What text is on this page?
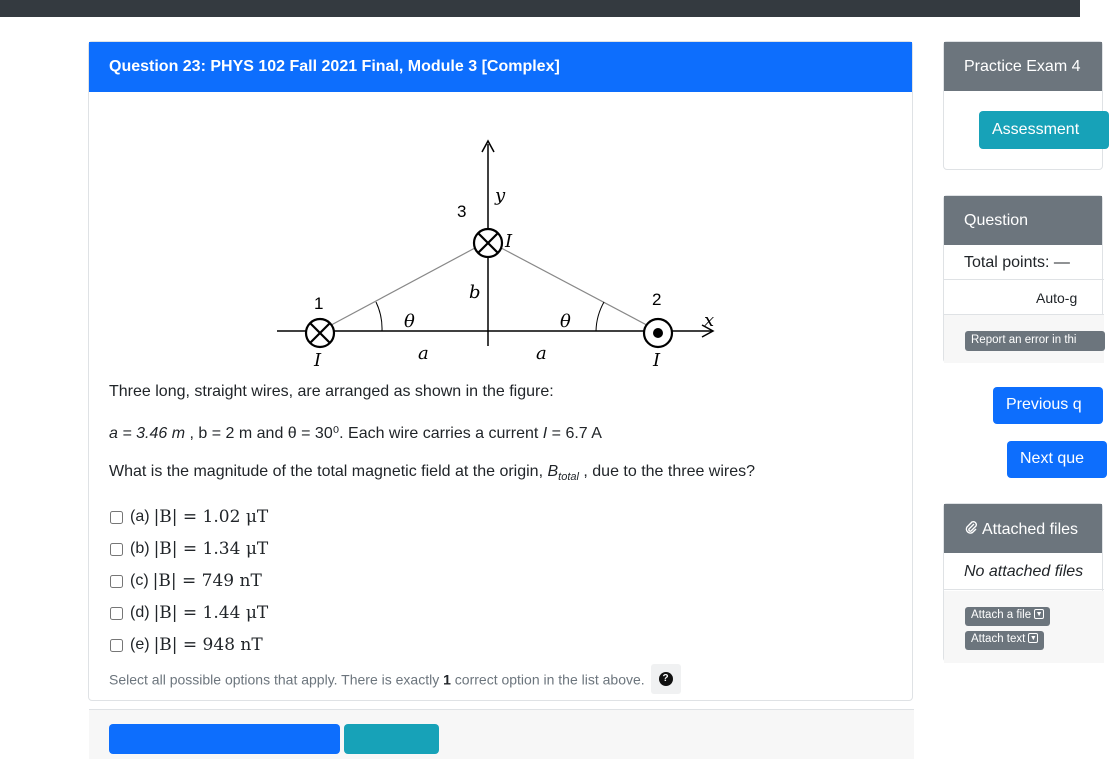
Question 23: PHYS 102 Fall 2021 Final, Module 3 [Complex]
1	2
3
y
x
I
I
I
θ	θ
a	a
b
Three long, straight wires, are arranged as shown in the figure:
a = 3.46 m , b = 2 m and θ = 30⁰. Each wire carries a current I = 6.7 A
What is the magnitude of the total magnetic field at the origin, $B_{total}$ , due to the three wires?
(a) |B| = 1.02 μT
(b) |B| = 1.34 μT
(c) |B| = 749 nT
(d) |B| = 1.44 μT
(e) |B| = 948 nT
Select all possible options that apply. There is exactly 1 correct option in the list above.	?
Practice Exam 4
Assessment
Question
Total points: —
Auto-g
Report an error in thi
Previous q
Next que
Attached files
No attached files
Attach a file ▼
Attach text ▼
